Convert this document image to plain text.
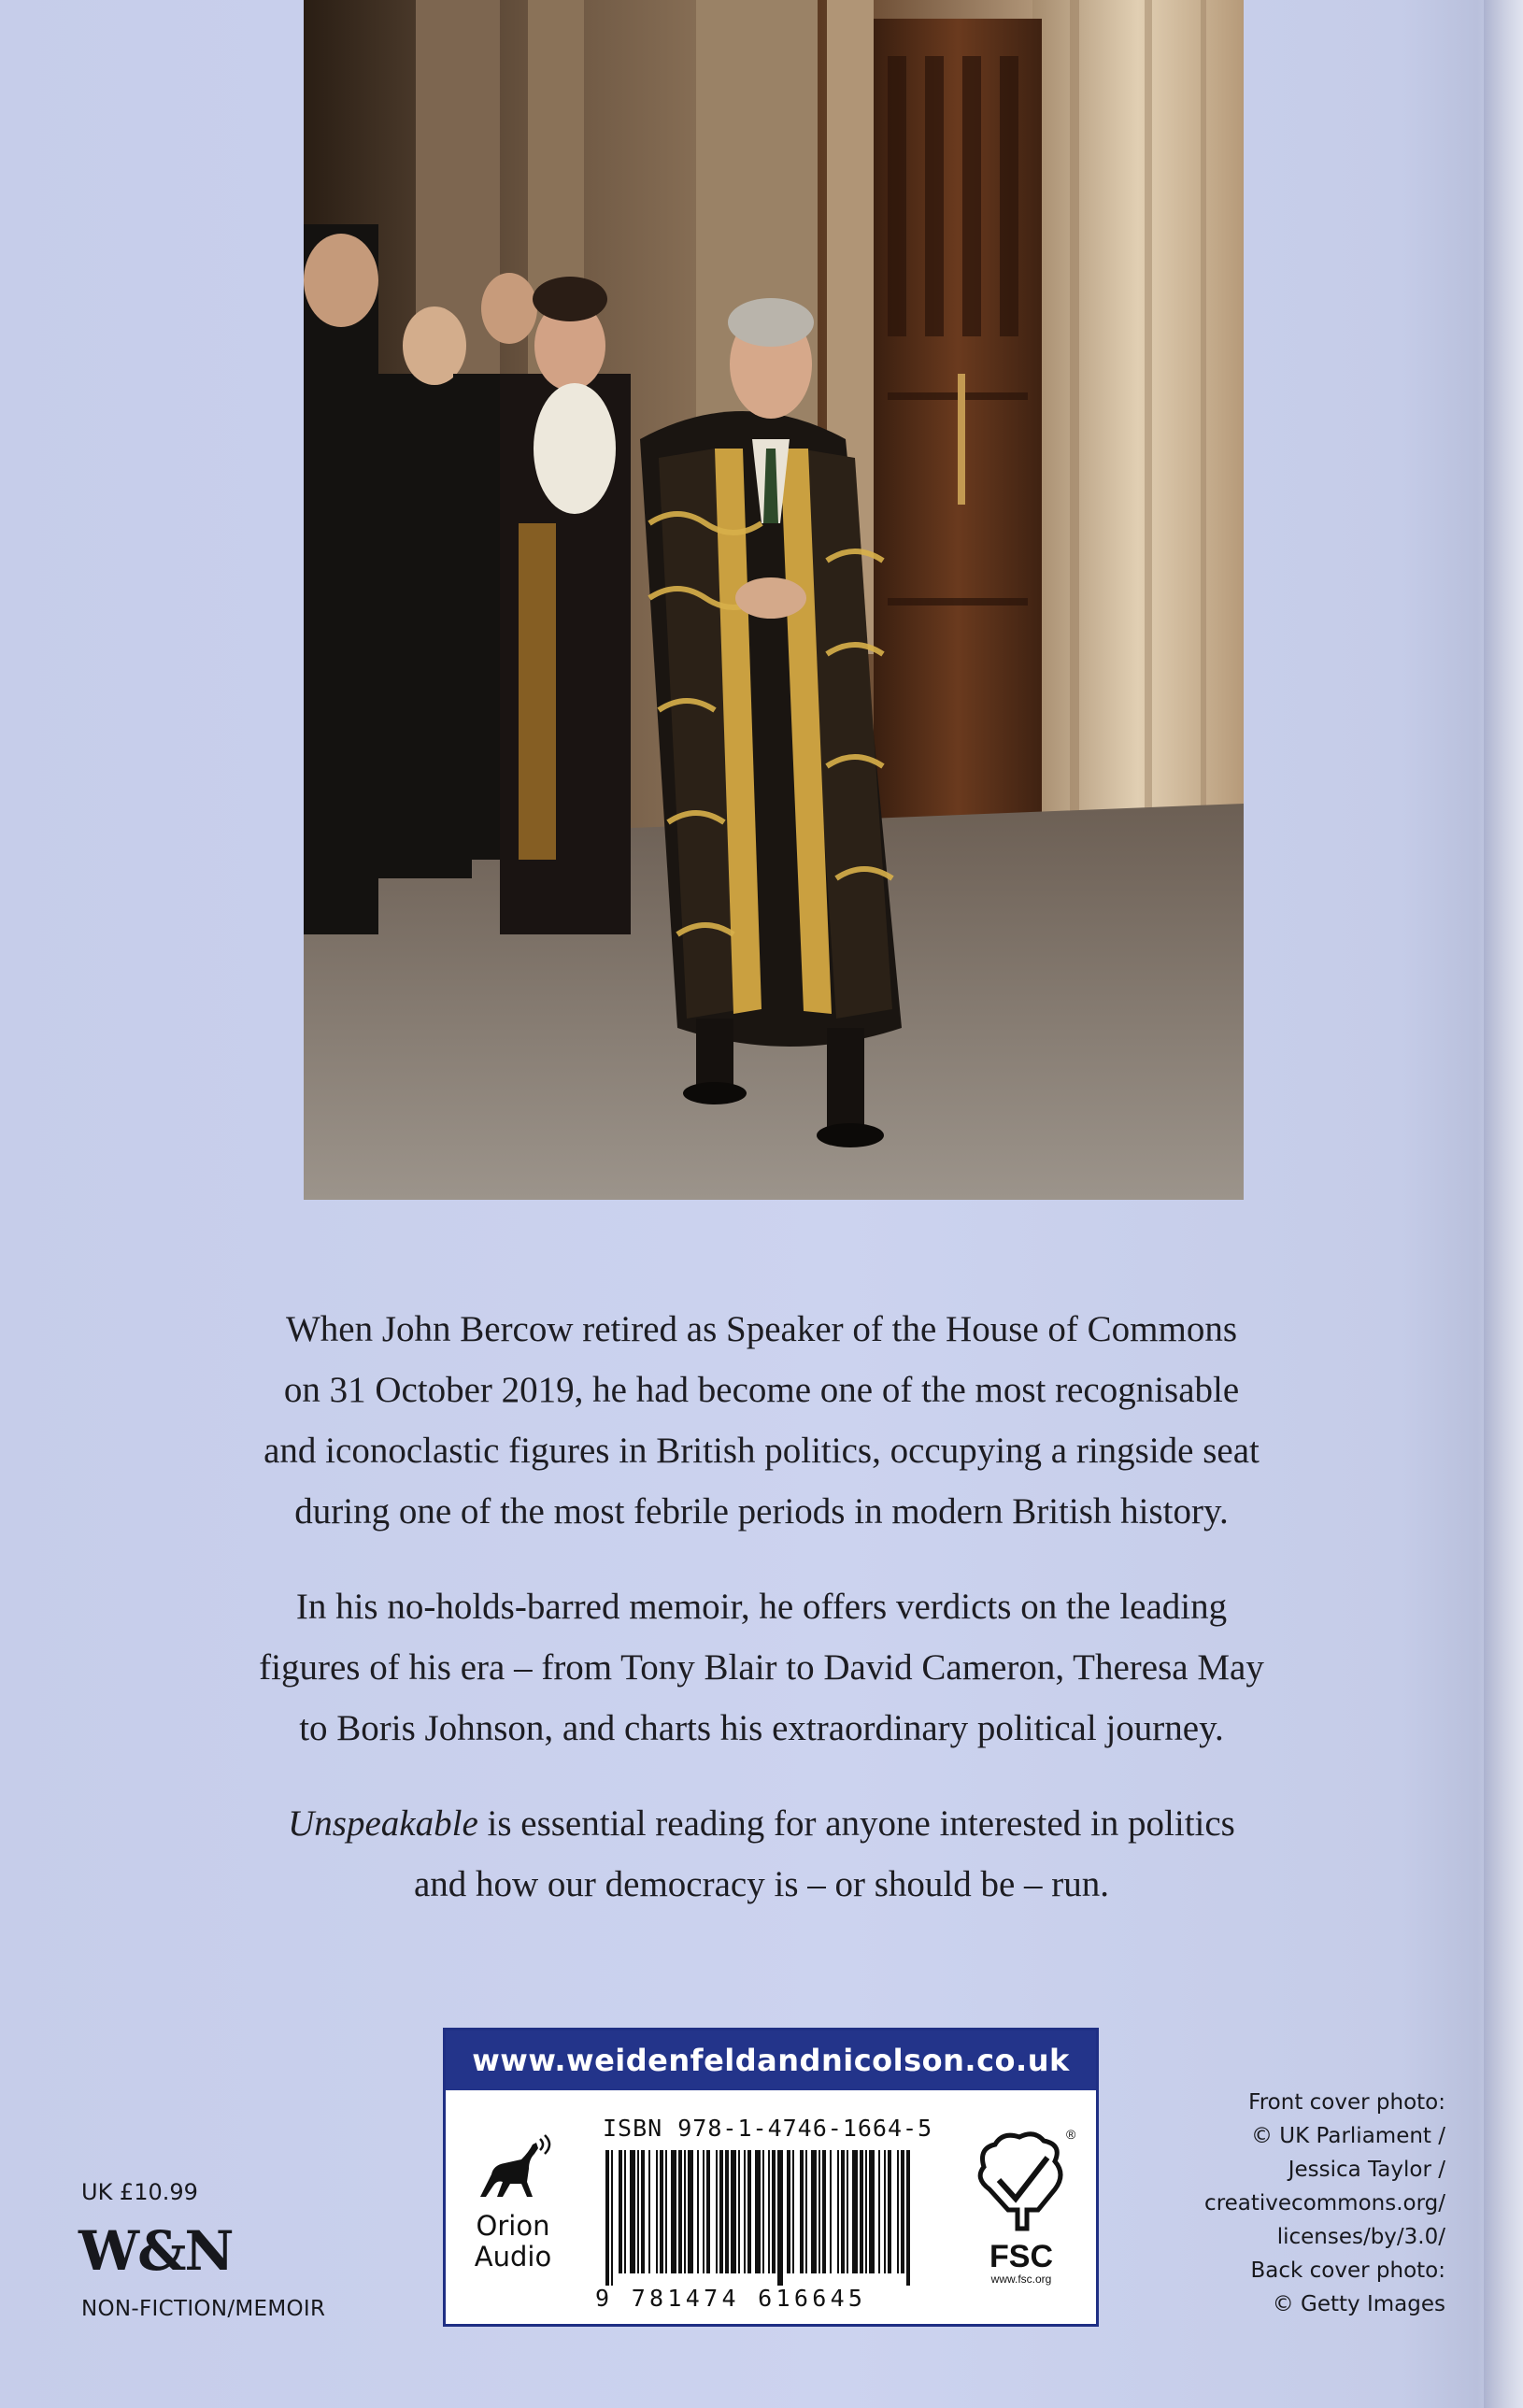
When John Bercow retired as Speaker of the House of Commons
on 31 October 2019, he had become one of the most recognisable
and iconoclastic figures in British politics, occupying a ringside seat
during one of the most febrile periods in modern British history.

In his no-holds-barred memoir, he offers verdicts on the leading
figures of his era – from Tony Blair to David Cameron, Theresa May
to Boris Johnson, and charts his extraordinary political journey.

Unspeakable is essential reading for anyone interested in politics
and how our democracy is – or should be – run.

www.weidenfeldandnicolson.co.uk
Orion
Audio
ISBN 978-1-4746-1664-5
9 781474 616645
®
FSC
www.fsc.org
UK £10.99
W&N
NON-FICTION/MEMOIR
Front cover photo:
© UK Parliament /
Jessica Taylor /
creativecommons.org/
licenses/by/3.0/
Back cover photo:
© Getty Images
